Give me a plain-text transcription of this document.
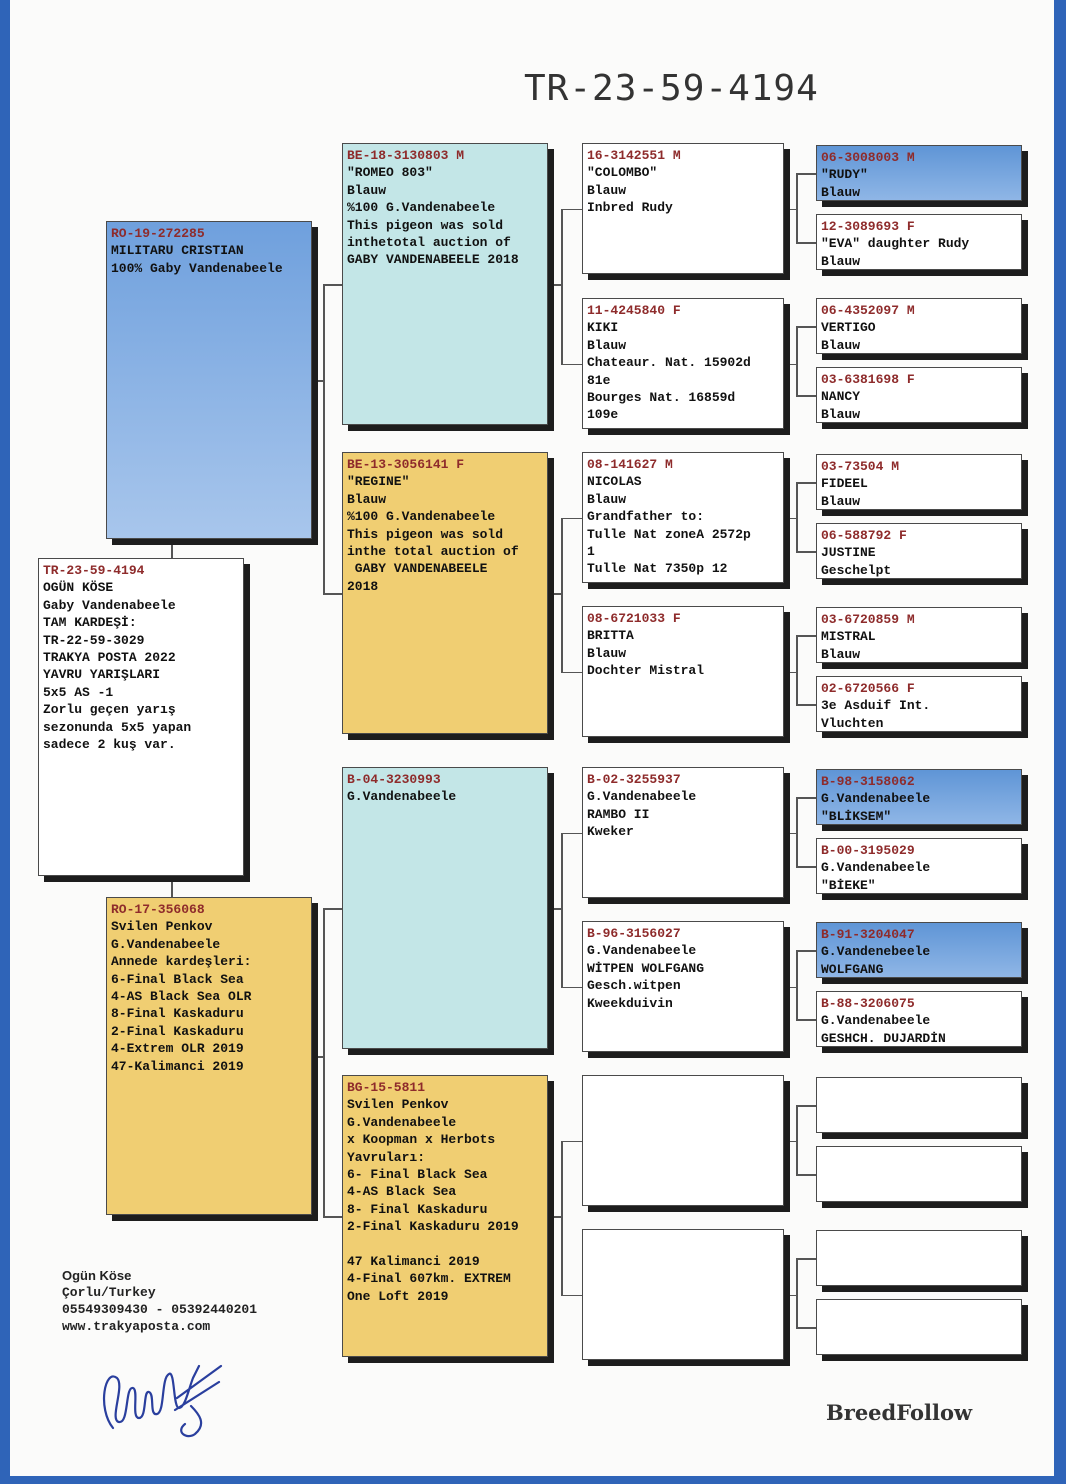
TR-23-59-4194
TR-23-59-4194
OGÜN KÖSE
Gaby Vandenabeele
TAM KARDEŞİ:
TR-22-59-3029
TRAKYA POSTA 2022
YAVRU YARIŞLARI
5x5 AS -1
Zorlu geçen yarış
sezonunda 5x5 yapan
sadece 2 kuş var.
RO-19-272285
MILITARU CRISTIAN
100% Gaby Vandenabeele
RO-17-356068
Svilen Penkov
G.Vandenabeele
Annede kardeşleri:
6-Final Black Sea
4-AS Black Sea OLR
8-Final Kaskaduru
2-Final Kaskaduru
4-Extrem OLR 2019
47-Kalimanci 2019
BE-18-3130803 M
"ROMEO 803"
Blauw
%100 G.Vandenabeele
This pigeon was sold
inthetotal auction of
GABY VANDENABEELE 2018
BE-13-3056141 F
"REGINE"
Blauw
%100 G.Vandenabeele
This pigeon was sold
inthe total auction of
GABY VANDENABEELE
2018
B-04-3230993
G.Vandenabeele
BG-15-5811
Svilen Penkov
G.Vandenabeele
x Koopman x Herbots
Yavruları:
6- Final Black Sea
4-AS Black Sea
8- Final Kaskaduru
2-Final Kaskaduru 2019

47 Kalimanci 2019
4-Final 607km. EXTREM
One Loft 2019
16-3142551 M
"COLOMBO"
Blauw
Inbred Rudy
11-4245840 F
KIKI
Blauw
Chateaur. Nat. 15902d
81e
Bourges Nat. 16859d
109e
08-141627 M
NICOLAS
Blauw
Grandfather to:
Tulle Nat zoneA 2572p
1
Tulle Nat 7350p 12
08-6721033 F
BRITTA
Blauw
Dochter Mistral
B-02-3255937
G.Vandenabeele
RAMBO II
Kweker
B-96-3156027
G.Vandenabeele
WİTPEN WOLFGANG
Gesch.witpen
Kweekduivin

06-3008003 M
"RUDY"
Blauw
12-3089693 F
"EVA" daughter Rudy
Blauw
06-4352097 M
VERTIGO
Blauw
03-6381698 F
NANCY
Blauw
03-73504 M
FIDEEL
Blauw
06-588792 F
JUSTINE
Geschelpt
03-6720859 M
MISTRAL
Blauw
02-6720566 F
3e Asduif Int.
Vluchten
B-98-3158062
G.Vandenabeele
"BLİKSEM"
B-00-3195029
G.Vandenabeele
"BİEKE"
B-91-3204047
G.Vandenebeele
WOLFGANG
B-88-3206075
G.Vandenabeele
GESHCH. DUJARDİN

Ogün Köse
Çorlu/Turkey
05549309430 - 05392440201
www.trakyaposta.com
BreedFollow
